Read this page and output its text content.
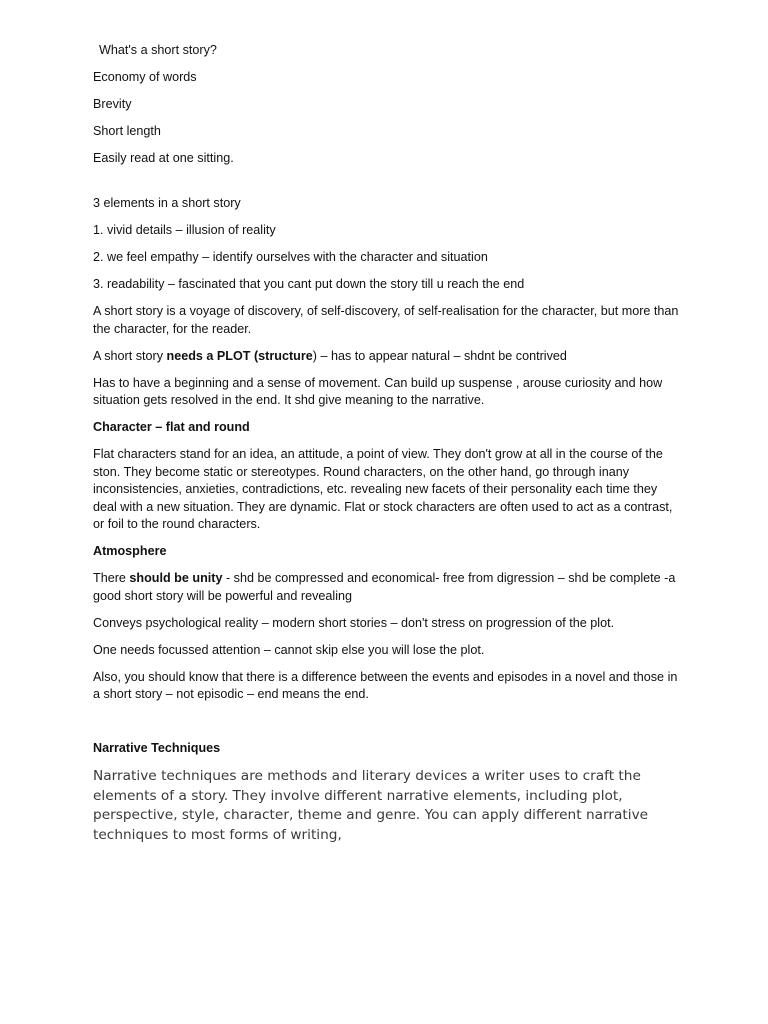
What's a short story?

Economy of words

Brevity

Short length

Easily read at one sitting.

3 elements in a short story

1. vivid details – illusion of reality

2. we feel empathy – identify ourselves with the character and situation

3. readability – fascinated that you cant put down the story till u reach the end

A short story is a voyage of discovery, of self-discovery, of self-realisation for the character, but more than the character, for the reader.

A short story needs a PLOT (structure) – has to appear natural – shdnt be contrived

Has to have a beginning and a sense of movement. Can build up suspense , arouse curiosity and how situation gets resolved in the end. It shd give meaning to the narrative.

Character – flat and round

Flat characters stand for an idea, an attitude, a point of view. They don't grow at all in the course of the ston. They become static or stereotypes. Round characters, on the other hand, go through inany inconsistencies, anxieties, contradictions, etc. revealing new facets of their personality each time they deal with a new situation. They are dynamic. Flat or stock characters are often used to act as a contrast, or foil to the round characters.

Atmosphere

There should be unity - shd be compressed and economical- free from digression – shd be complete -a good short story will be powerful and revealing

Conveys psychological reality – modern short stories – don't stress on progression of the plot.

One needs focussed attention – cannot skip else you will lose the plot.

Also, you should know that there is a difference between the events and episodes in a novel and those in a short story – not episodic – end means the end.

Narrative Techniques

Narrative techniques are methods and literary devices a writer uses to craft the elements of a story. They involve different narrative elements, including plot, perspective, style, character, theme and genre. You can apply different narrative techniques to most forms of writing,
